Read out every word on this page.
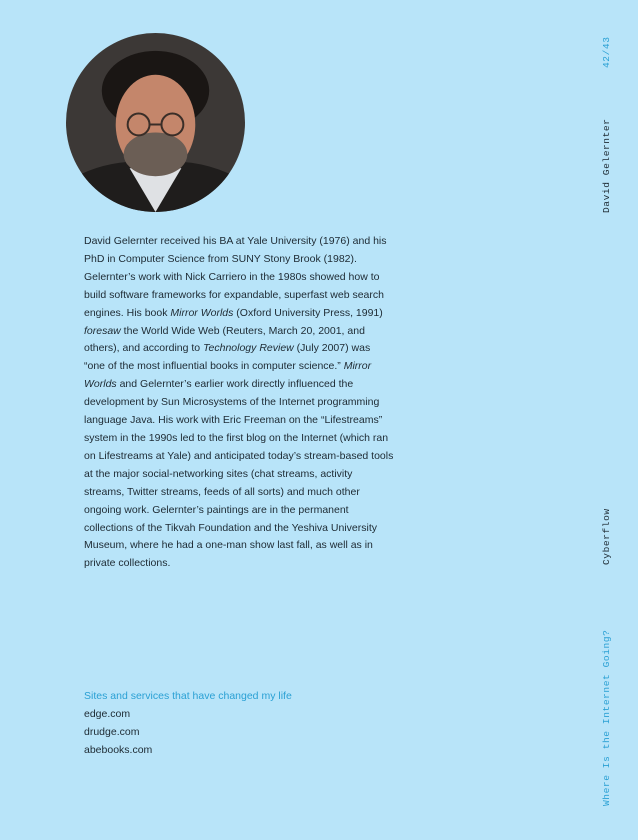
David Gelernter received his BA at Yale University (1976) and his PhD in Computer Science from SUNY Stony Brook (1982). Gelernter’s work with Nick Carriero in the 1980s showed how to build software frameworks for expandable, superfast web search engines. His book Mirror Worlds (Oxford University Press, 1991) foresaw the World Wide Web (Reuters, March 20, 2001, and others), and according to Technology Review (July 2007) was “one of the most influential books in computer science.” Mirror Worlds and Gelernter’s earlier work directly influenced the development by Sun Microsystems of the Internet programming language Java. His work with Eric Freeman on the “Lifestreams” system in the 1990s led to the first blog on the Internet (which ran on Lifestreams at Yale) and anticipated today’s stream-based tools at the major social-networking sites (chat streams, activity streams, Twitter streams, feeds of all sorts) and much other ongoing work. Gelernter’s paintings are in the permanent collections of the Tikvah Foundation and the Yeshiva University Museum, where he had a one-man show last fall, as well as in private collections.

Sites and services that have changed my life
edge.com
drudge.com
abebooks.com
42/43
David Gelernter
Cyberflow
Where Is the Internet Going?
